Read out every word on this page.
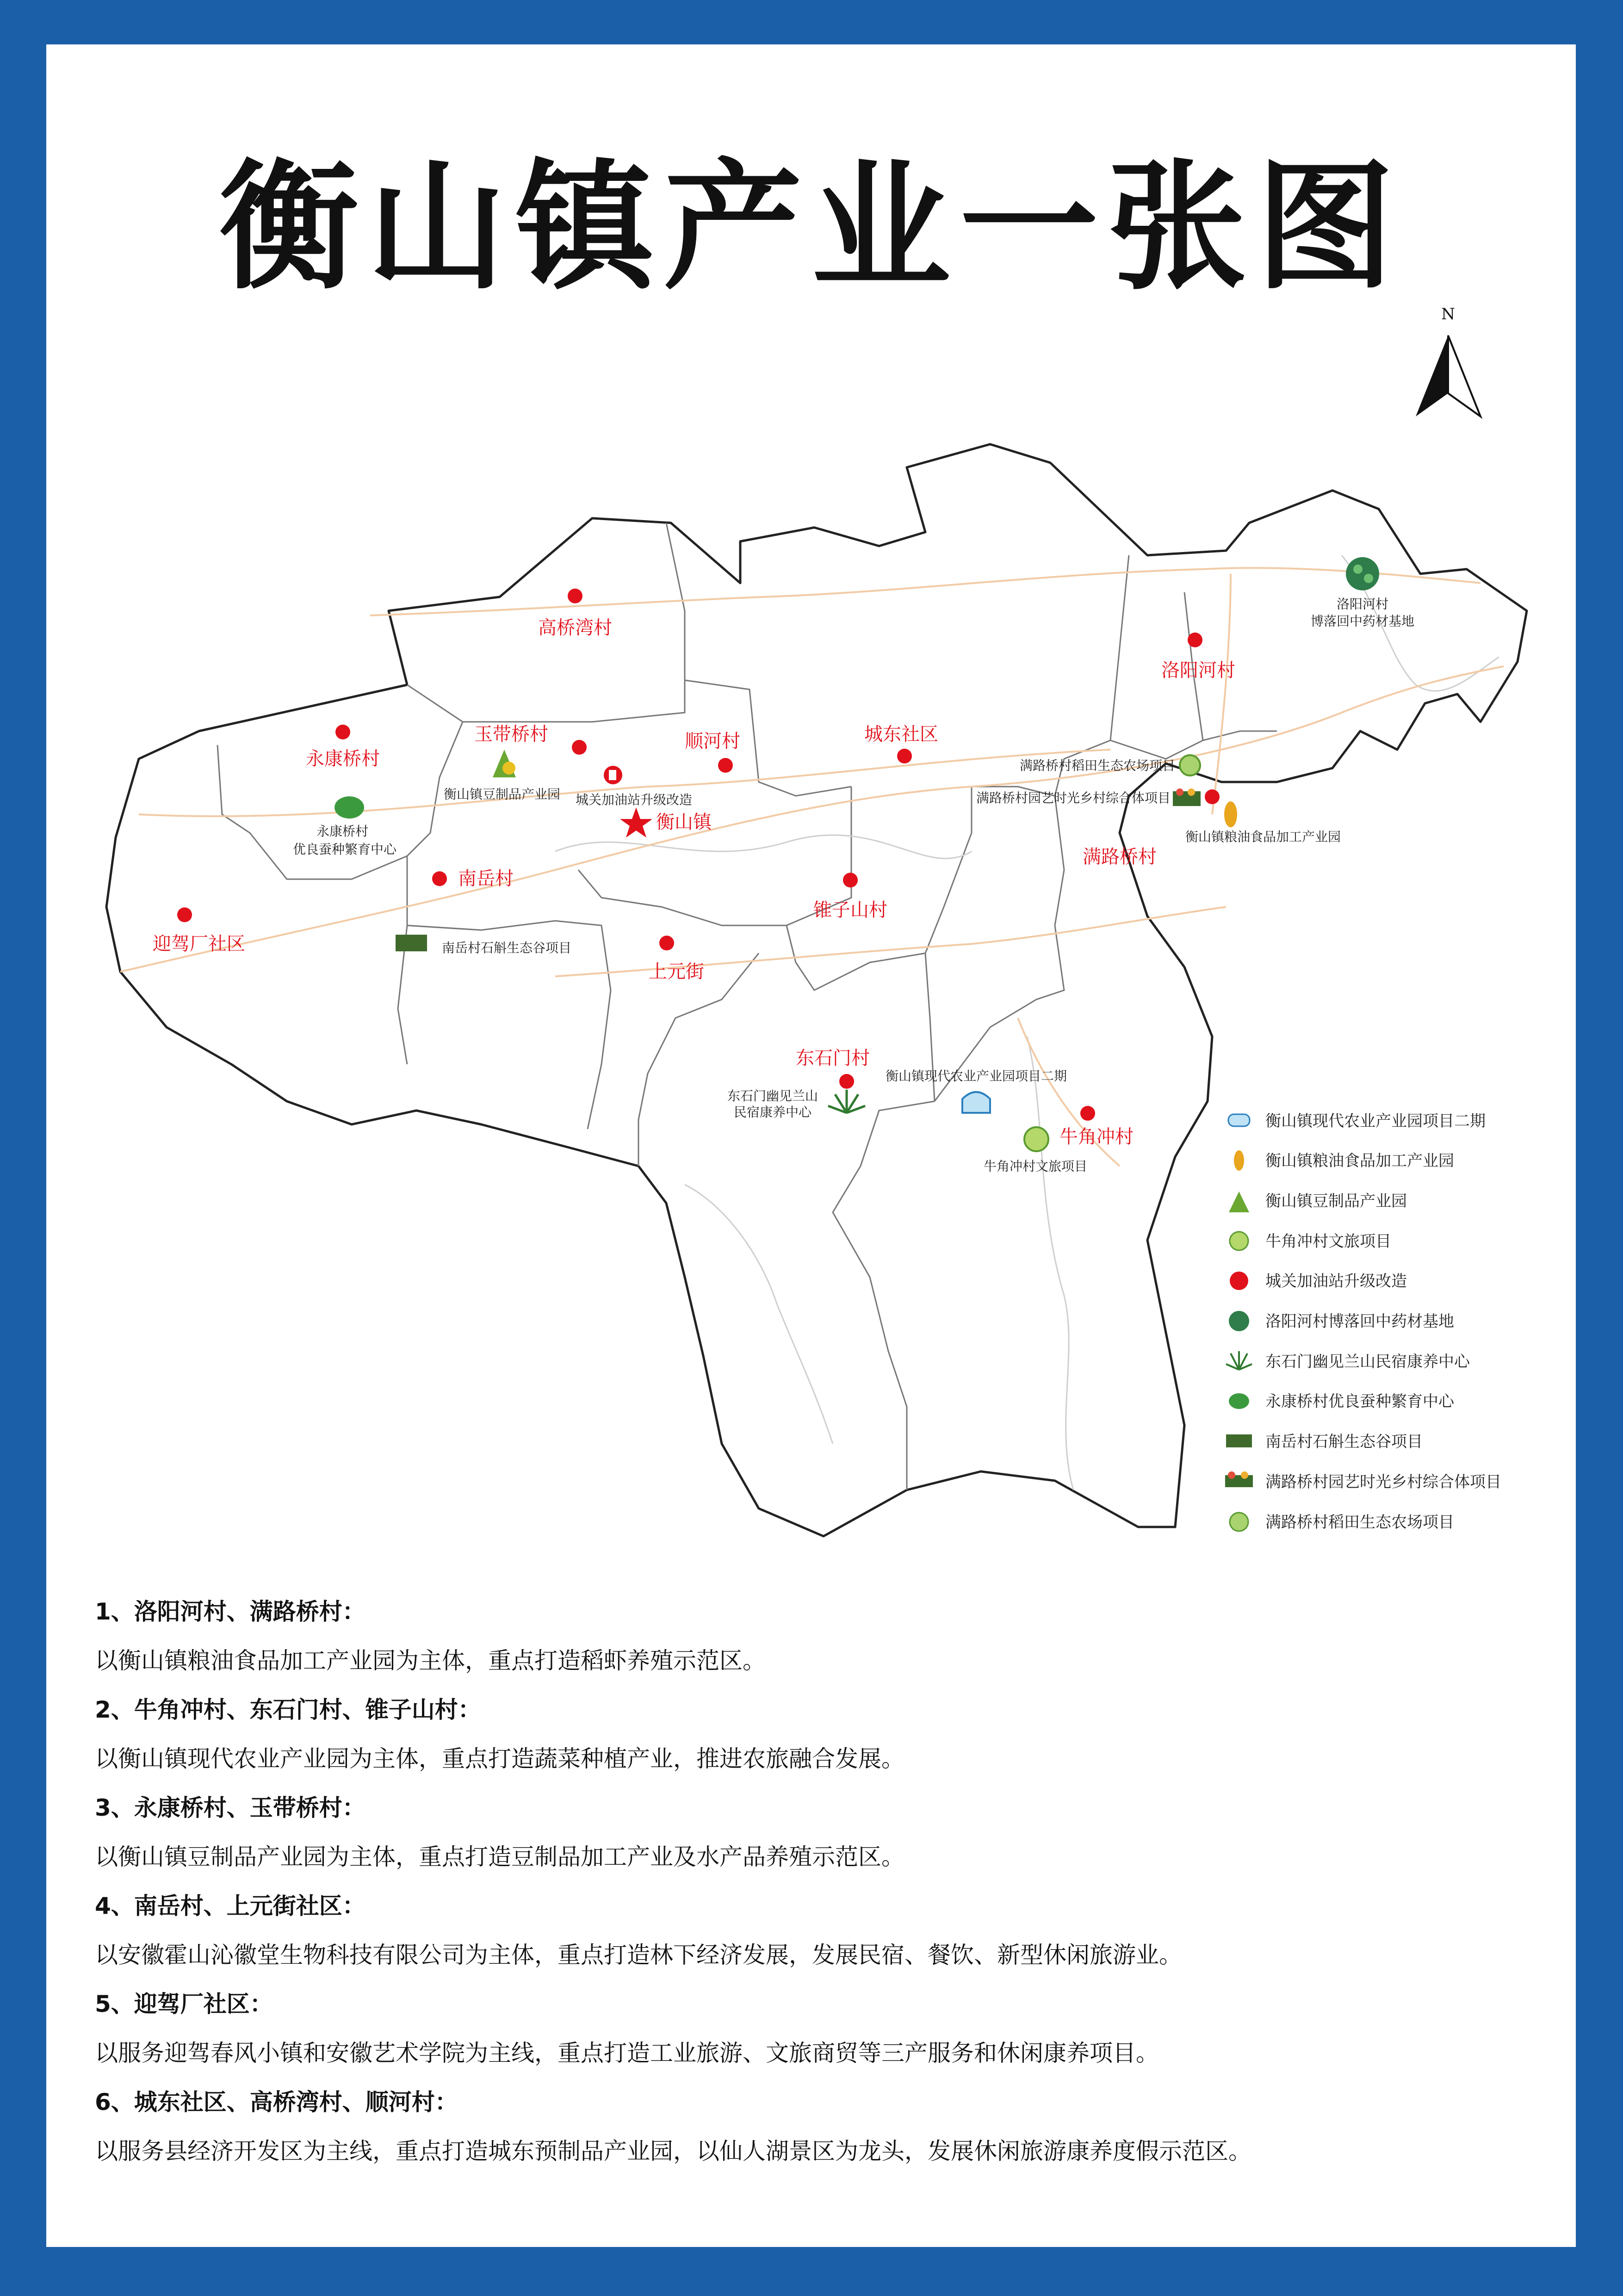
衡山镇产业一张图
N
高桥湾村
洛阳河村
玉带桥村	顺河村	城东社区
永康桥村
南岳村
迎驾厂社区
锥子山村
满路桥村
上元街
东石门村
牛角冲村
衡山镇
洛阳河村
博落回中药材基地
满路桥村稻田生态农场项目
满路桥村园艺时光乡村综合体项目
衡山镇粮油食品加工产业园
衡山镇豆制品产业园 城关加油站升级改造
永康桥村
优良蚕种繁育中心
南岳村石斛生态谷项目
东石门幽见兰山
民宿康养中心
衡山镇现代农业产业园项目二期
牛角冲村文旅项目
衡山镇现代农业产业园项目二期
衡山镇粮油食品加工产业园
衡山镇豆制品产业园
牛角冲村文旅项目
城关加油站升级改造
洛阳河村博落回中药材基地
东石门幽见兰山民宿康养中心
永康桥村优良蚕种繁育中心
南岳村石斛生态谷项目
满路桥村园艺时光乡村综合体项目
满路桥村稻田生态农场项目
1、洛阳河村、满路桥村：
以衡山镇粮油食品加工产业园为主体，重点打造稻虾养殖示范区。
2、牛角冲村、东石门村、锥子山村：
以衡山镇现代农业产业园为主体，重点打造蔬菜种植产业，推进农旅融合发展。
3、永康桥村、玉带桥村：
以衡山镇豆制品产业园为主体，重点打造豆制品加工产业及水产品养殖示范区。
4、南岳村、上元街社区：
以安徽霍山沁徽堂生物科技有限公司为主体，重点打造林下经济发展，发展民宿、餐饮、新型休闲旅游业。
5、迎驾厂社区：
以服务迎驾春风小镇和安徽艺术学院为主线，重点打造工业旅游、文旅商贸等三产服务和休闲康养项目。
6、城东社区、高桥湾村、顺河村：
以服务县经济开发区为主线，重点打造城东预制品产业园，以仙人湖景区为龙头，发展休闲旅游康养度假示范区。
